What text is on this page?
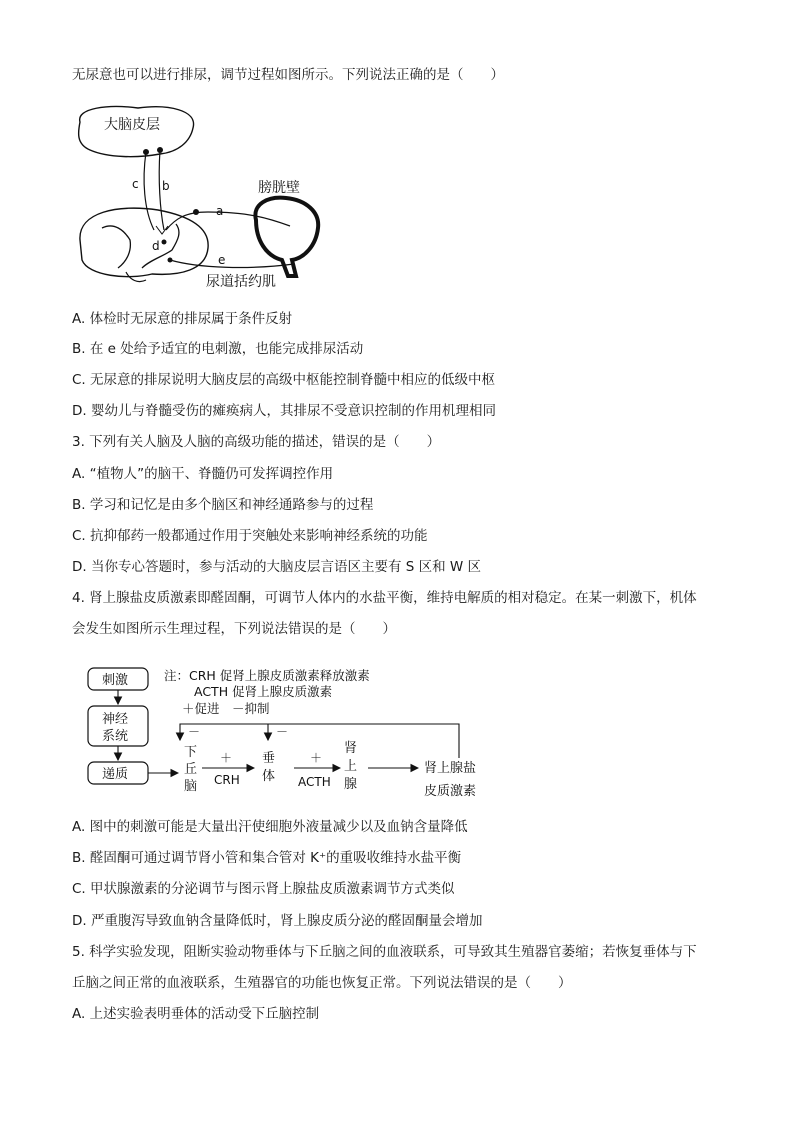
无尿意也可以进行排尿，调节过程如图所示。下列说法正确的是（　　）
大脑皮层
c b
d
a
e
膀胱壁
尿道括约肌
A. 体检时无尿意的排尿属于条件反射
B. 在 e 处给予适宜的电刺激，也能完成排尿活动
C. 无尿意的排尿说明大脑皮层的高级中枢能控制脊髓中相应的低级中枢
D. 婴幼儿与脊髓受伤的瘫痪病人，其排尿不受意识控制的作用机理相同
3. 下列有关人脑及人脑的高级功能的描述，错误的是（　　）
A. “植物人”的脑干、脊髓仍可发挥调控作用
B. 学习和记忆是由多个脑区和神经通路参与的过程
C. 抗抑郁药一般都通过作用于突触处来影响神经系统的功能
D. 当你专心答题时，参与活动的大脑皮层言语区主要有 S 区和 W 区
4. 肾上腺盐皮质激素即醛固酮，可调节人体内的水盐平衡，维持电解质的相对稳定。在某一刺激下，机体
会发生如图所示生理过程，下列说法错误的是（　　）
刺激
神经
系统
递质
注：CRH 促肾上腺皮质激素释放激素
ACTH 促肾上腺皮质激素
＋促进　－抑制
－	－
下
丘
脑
＋
CRH
垂
体
＋
ACTH
肾
上
腺
肾上腺盐
皮质激素
A. 图中的刺激可能是大量出汗使细胞外液量减少以及血钠含量降低
B. 醛固酮可通过调节肾小管和集合管对 K⁺的重吸收维持水盐平衡
C. 甲状腺激素的分泌调节与图示肾上腺盐皮质激素调节方式类似
D. 严重腹泻导致血钠含量降低时，肾上腺皮质分泌的醛固酮量会增加
5. 科学实验发现，阻断实验动物垂体与下丘脑之间的血液联系，可导致其生殖器官萎缩；若恢复垂体与下
丘脑之间正常的血液联系，生殖器官的功能也恢复正常。下列说法错误的是（　　）
A. 上述实验表明垂体的活动受下丘脑控制
